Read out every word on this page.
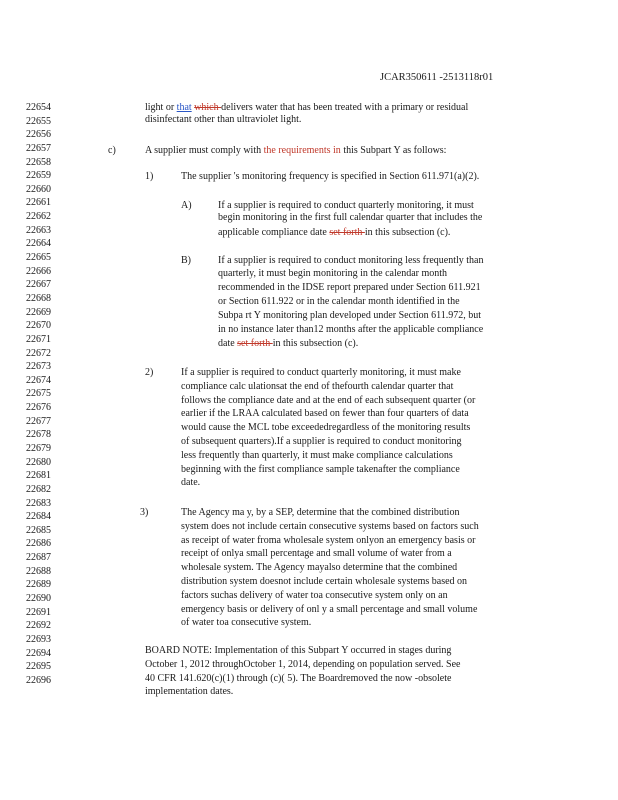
JCAR350611 -2513118r01
22654
22655
22656
22657
22658
22659
22660
22661
22662
22663
22664
22665
22666
22667
22668
22669
22670
22671
22672
22673
22674
22675
22676
22677
22678
22679
22680
22681
22682
22683
22684
22685
22686
22687
22688
22689
22690
22691
22692
22693
22694
22695
22696
light or that which delivers water that has been treated with a primary or residual
disinfectant other than ultraviolet light.
c)	A supplier must comply with the requirements in this Subpart Y as follows:
1)	The supplier 's monitoring frequency is specified in Section 611.971(a)(2).
A)	If a supplier is required to conduct quarterly monitoring, it must
begin monitoring in the first full calendar quarter that includes the
applicable compliance date set forth in this subsection (c).
B)	If a supplier is required to conduct monitoring less frequently than
quarterly, it must begin monitoring in the calendar month
recommended in the IDSE report prepared under Section 611.921
or Section 611.922 or in the calendar month identified in the
Subpa rt Y monitoring plan developed under Section 611.972, but
in no instance later than12 months after the applicable compliance
date set forth in this subsection (c).
2)	If a supplier is required to conduct quarterly monitoring, it must make
compliance calc ulationsat the end of thefourth calendar quarter that
follows the compliance date and at the end of each subsequent quarter (or
earlier if the LRAA calculated based on fewer than four quarters of data
would cause the MCL tobe exceededregardless of the monitoring results
of subsequent quarters).If a supplier is required to conduct monitoring
less frequently than quarterly, it must make compliance calculations
beginning with the first compliance sample takenafter the compliance
date.
3)	The Agency ma y, by a SEP, determine that the combined distribution
system does not include certain consecutive systems based on factors such
as receipt of water froma wholesale system onlyon an emergency basis or
receipt of onlya small percentage and small volume of water from a
wholesale system. The Agency mayalso determine that the combined
distribution system doesnot include certain wholesale systems based on
factors suchas delivery of water toa consecutive system only on an
emergency basis or delivery of onl y a small percentage and small volume
of water toa consecutive system.
BOARD NOTE: Implementation of this Subpart Y occurred in stages during
October 1, 2012 throughOctober 1, 2014, depending on population served. See
40 CFR 141.620(c)(1) through (c)( 5). The Boardremoved the now -obsolete
implementation dates.
